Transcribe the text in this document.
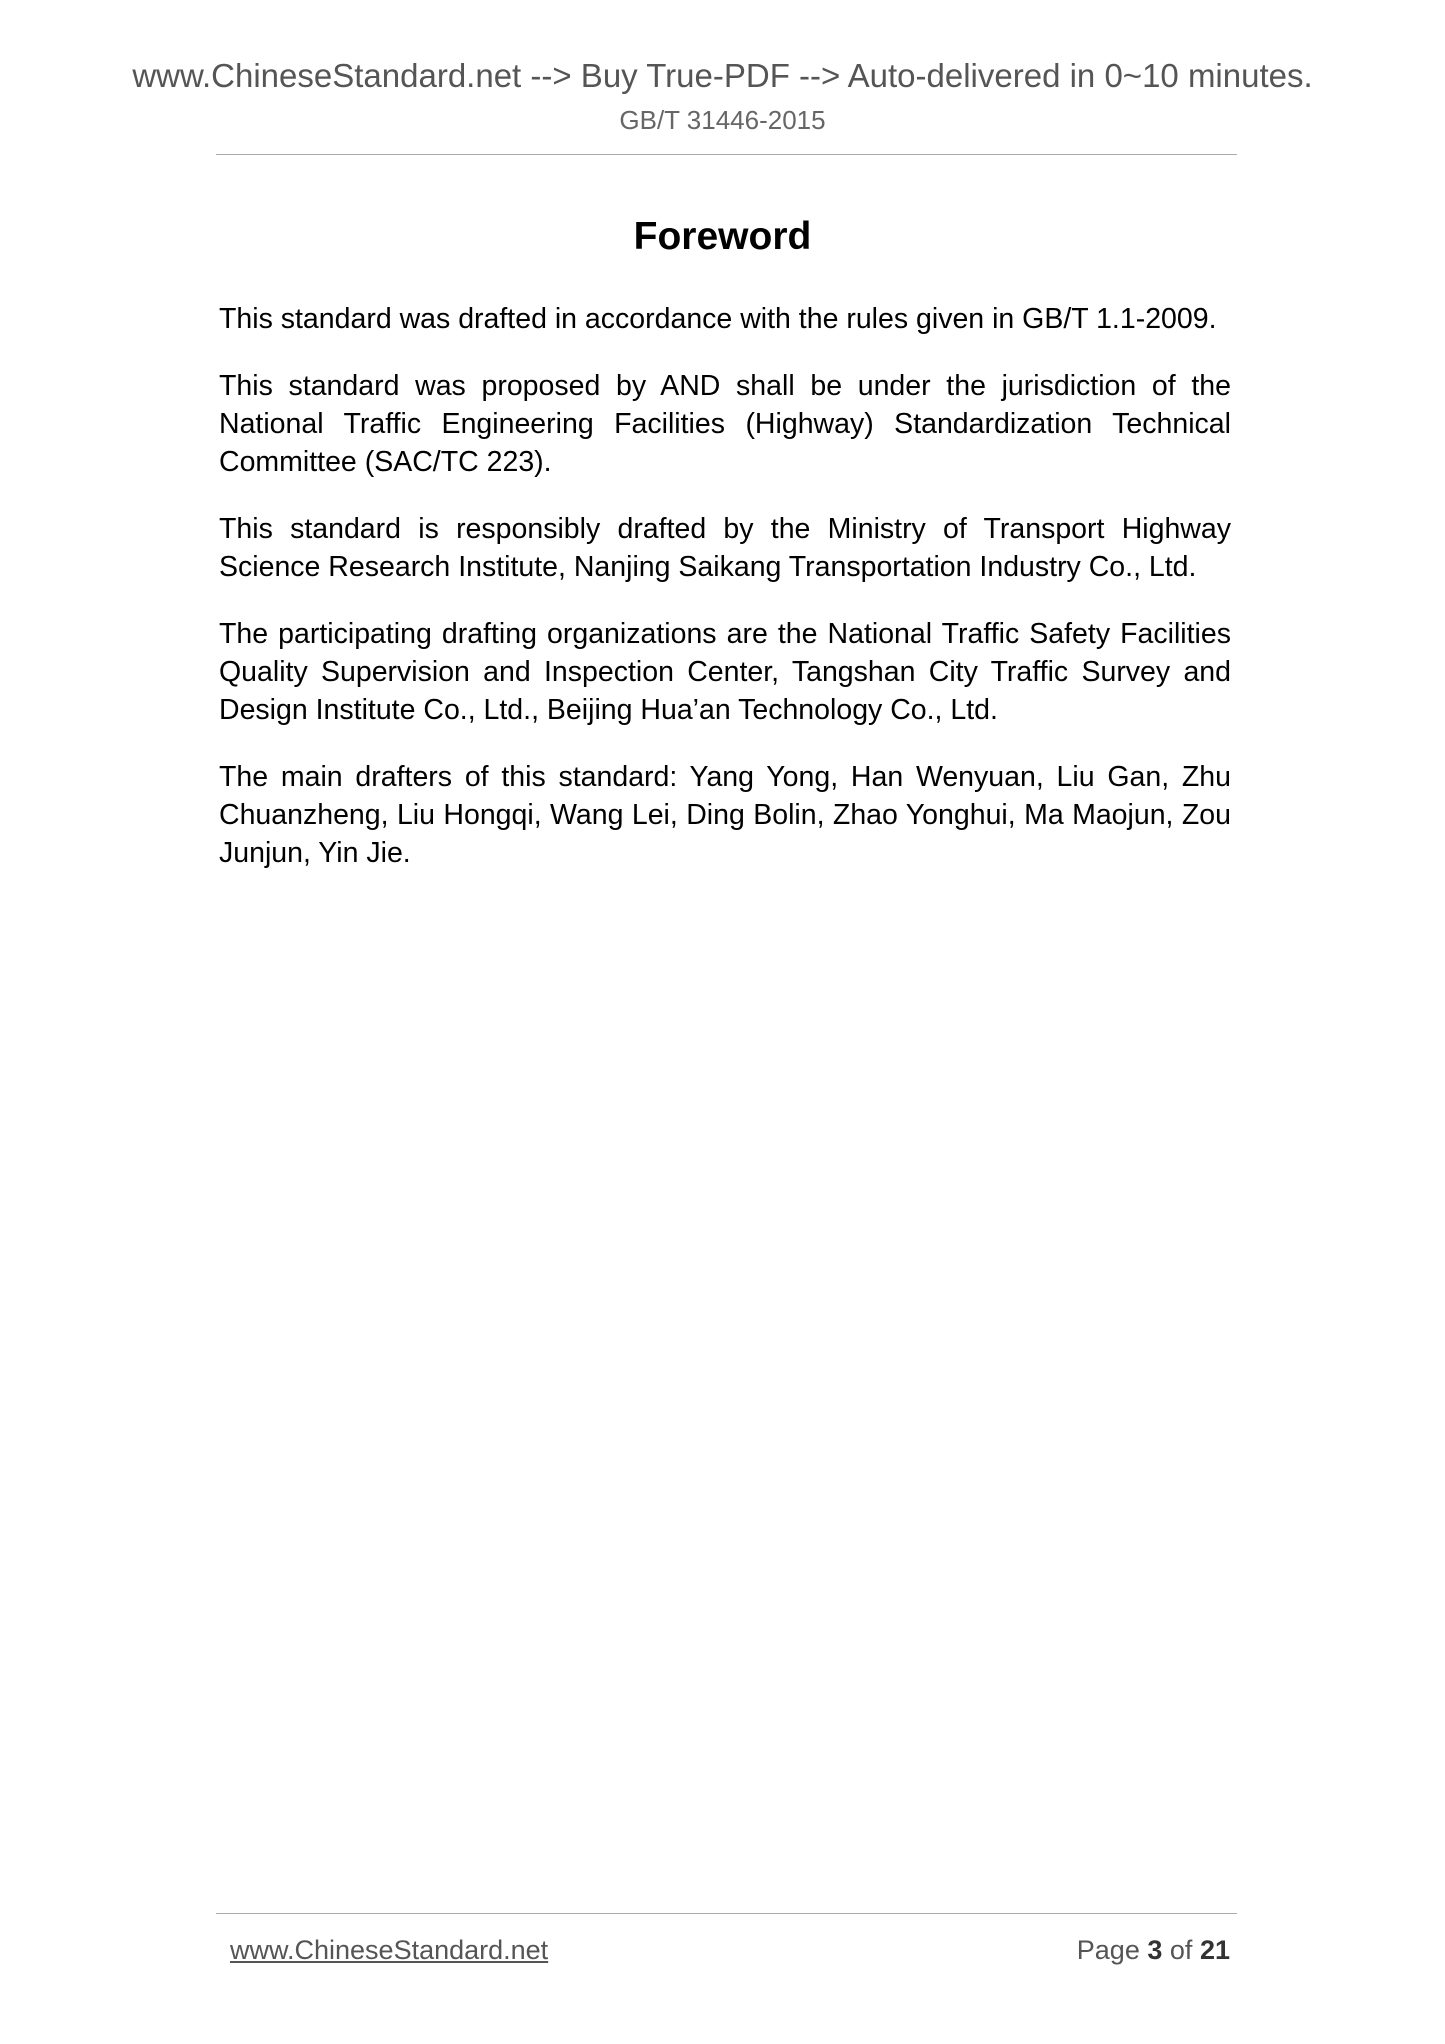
www.ChineseStandard.net --> Buy True-PDF --> Auto-delivered in 0~10 minutes.
GB/T 31446-2015
Foreword

This standard was drafted in accordance with the rules given in GB/T 1.1-2009.

This standard was proposed by AND shall be under the jurisdiction of the National Traffic Engineering Facilities (Highway) Standardization Technical Committee (SAC/TC 223).

This standard is responsibly drafted by the Ministry of Transport Highway Science Research Institute, Nanjing Saikang Transportation Industry Co., Ltd.

The participating drafting organizations are the National Traffic Safety Facilities Quality Supervision and Inspection Center, Tangshan City Traffic Survey and Design Institute Co., Ltd., Beijing Hua’an Technology Co., Ltd.

The main drafters of this standard: Yang Yong, Han Wenyuan, Liu Gan, Zhu Chuanzheng, Liu Hongqi, Wang Lei, Ding Bolin, Zhao Yonghui, Ma Maojun, Zou Junjun, Yin Jie.

www.ChineseStandard.net	Page 3 of 21
